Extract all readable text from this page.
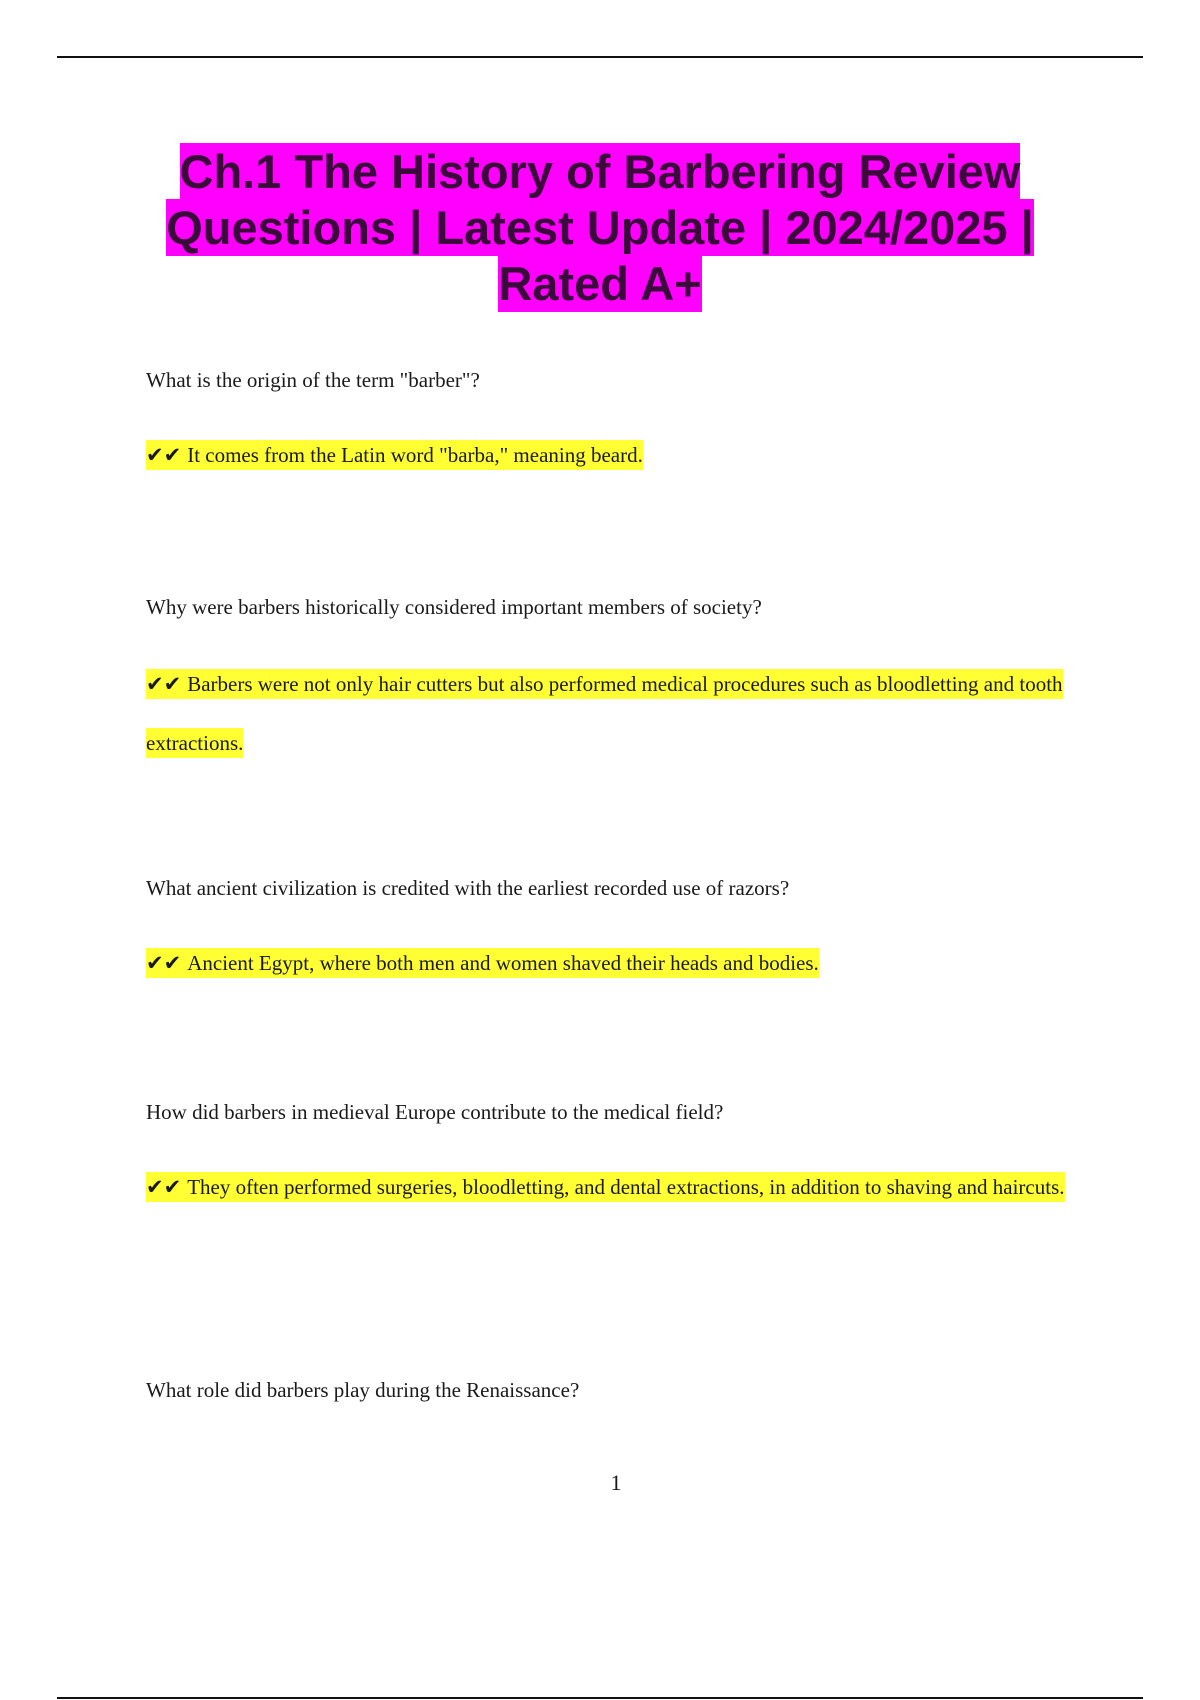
Ch.1 The History of Barbering Review Questions | Latest Update | 2024/2025 | Rated A+

What is the origin of the term "barber"?

✔✔ It comes from the Latin word "barba," meaning beard.

Why were barbers historically considered important members of society?

✔✔ Barbers were not only hair cutters but also performed medical procedures such as bloodletting and tooth extractions.

What ancient civilization is credited with the earliest recorded use of razors?

✔✔ Ancient Egypt, where both men and women shaved their heads and bodies.

How did barbers in medieval Europe contribute to the medical field?

✔✔ They often performed surgeries, bloodletting, and dental extractions, in addition to shaving and haircuts.

What role did barbers play during the Renaissance?

1
